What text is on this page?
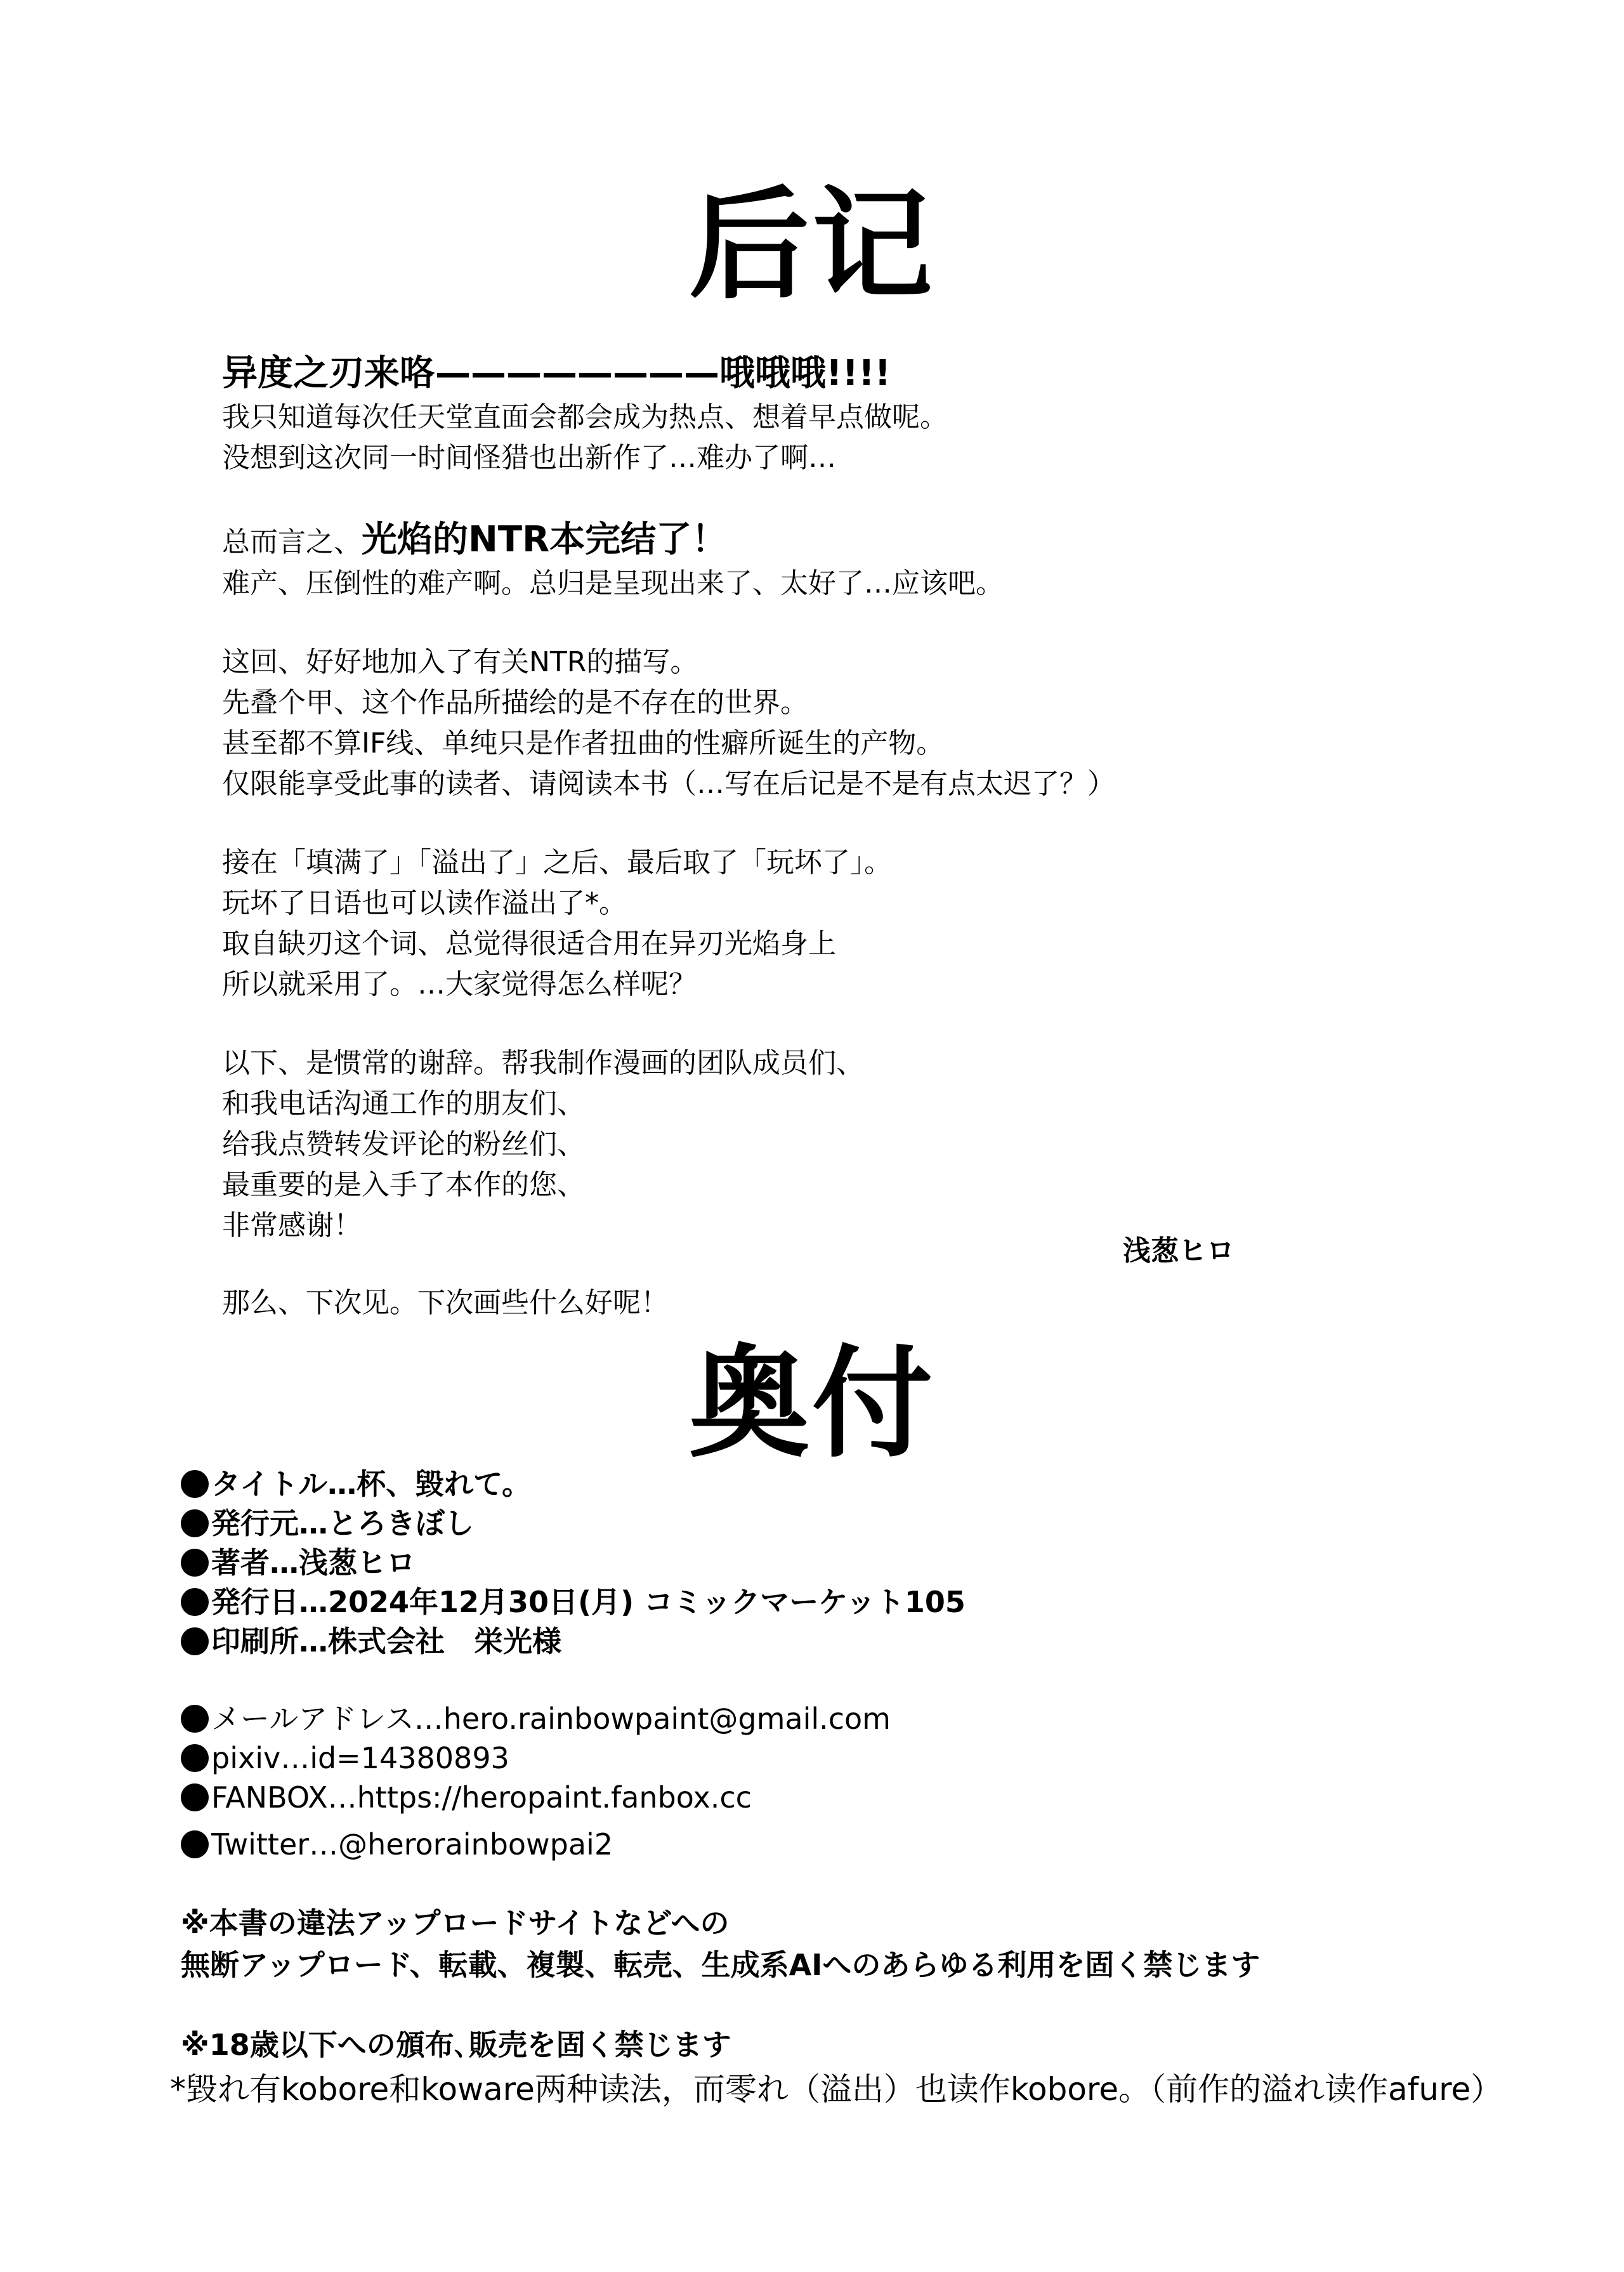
后记
异度之刃来咯————————哦哦哦!!!!
我只知道每次任天堂直面会都会成为热点、想着早点做呢。
没想到这次同一时间怪猎也出新作了…难办了啊…
总而言之、光焰的NTR本完结了！
难产、压倒性的难产啊。总归是呈现出来了、太好了…应该吧。
这回、好好地加入了有关NTR的描写。
先叠个甲、这个作品所描绘的是不存在的世界。
甚至都不算IF线、单纯只是作者扭曲的性癖所诞生的产物。
仅限能享受此事的读者、请阅读本书（…写在后记是不是有点太迟了？）
接在「填满了」「溢出了」之后、最后取了「玩坏了」。
玩坏了日语也可以读作溢出了*。
取自缺刃这个词、总觉得很适合用在异刃光焰身上
所以就采用了。…大家觉得怎么样呢？
以下、是惯常的谢辞。帮我制作漫画的团队成员们、
和我电话沟通工作的朋友们、
给我点赞转发评论的粉丝们、
最重要的是入手了本作的您、
非常感谢！
浅葱ヒロ
那么、下次见。下次画些什么好呢！
奥付
タイトル…杯、毀れて。
発行元…とろきぼし
著者…浅葱ヒロ
発行日…2024年12月30日(月) コミックマーケット105
印刷所…株式会社　栄光様
メールアドレス…hero.rainbowpaint@gmail.com
pixiv…id=14380893
FANBOX…https://heropaint.fanbox.cc
Twitter…@herorainbowpai2
※本書の違法アップロードサイトなどへの
無断アップロード、転載、複製、転売、生成系AIへのあらゆる利用を固く禁じます
※18歳以下への頒布､販売を固く禁じます
*毀れ有kobore和koware两种读法，而零れ（溢出）也读作kobore。（前作的溢れ读作afure）
